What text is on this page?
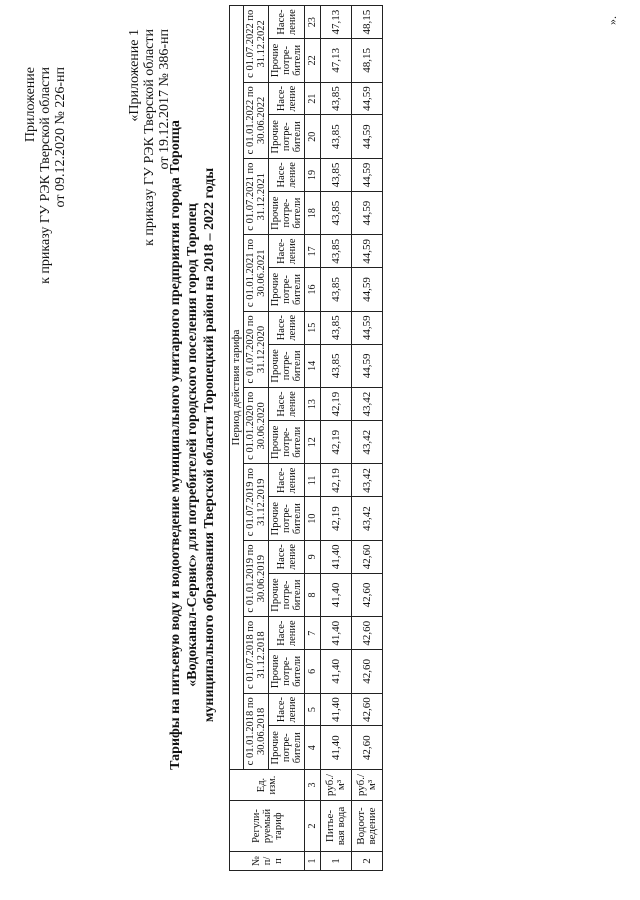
Приложение к приказу ГУ РЭК Тверской области от 09.12.2020 № 226-нп	«Приложение 1 к приказу ГУ РЭК Тверской области от 19.12.2017 № 386-нп
Тарифы на питьевую воду и водоотведение муниципального унитарного предприятия города Торопца «Водоканал-Сервис» для потребителей городского поселения город Торопец муниципального образования Тверской области Торопецкий район на 2018 – 2022 годы
№ п/п	Регули-руемый тариф	Ед. изм.	Период действия тарифа																			
			с 01.01.2018 по 30.06.2018		с 01.07.2018 по 31.12.2018		с 01.01.2019 по 30.06.2019		с 01.07.2019 по 31.12.2019		с 01.01.2020 по 30.06.2020		с 01.07.2020 по 31.12.2020		с 01.01.2021 по 30.06.2021		с 01.07.2021 по 31.12.2021		с 01.01.2022 по 30.06.2022		с 01.07.2022 по 31.12.2022	
			Прочие потре-бители	Насе-ление	Прочие потре-бители	Насе-ление	Прочие потре-бители	Насе-ление	Прочие потре-бители	Насе-ление	Прочие потре-бители	Насе-ление	Прочие потре-бители	Насе-ление	Прочие потре-бители	Насе-ление	Прочие потре-бители	Насе-ление	Прочие потре-бители	Насе-ление	Прочие потре-бители	Насе-ление
1	2	3	4	5	6	7	8	9	10	11	12	13	14	15	16	17	18	19	20	21	22	23
1	Питье-вая вода	руб./м³	41,40	41,40	41,40	41,40	41,40	41,40	42,19	42,19	42,19	42,19	43,85	43,85	43,85	43,85	43,85	43,85	43,85	43,85	47,13	47,13
2	Водоот-ведение	руб./м³	42,60	42,60	42,60	42,60	42,60	42,60	43,42	43,42	43,42	43,42	44,59	44,59	44,59	44,59	44,59	44,59	44,59	44,59	48,15	48,15	».
